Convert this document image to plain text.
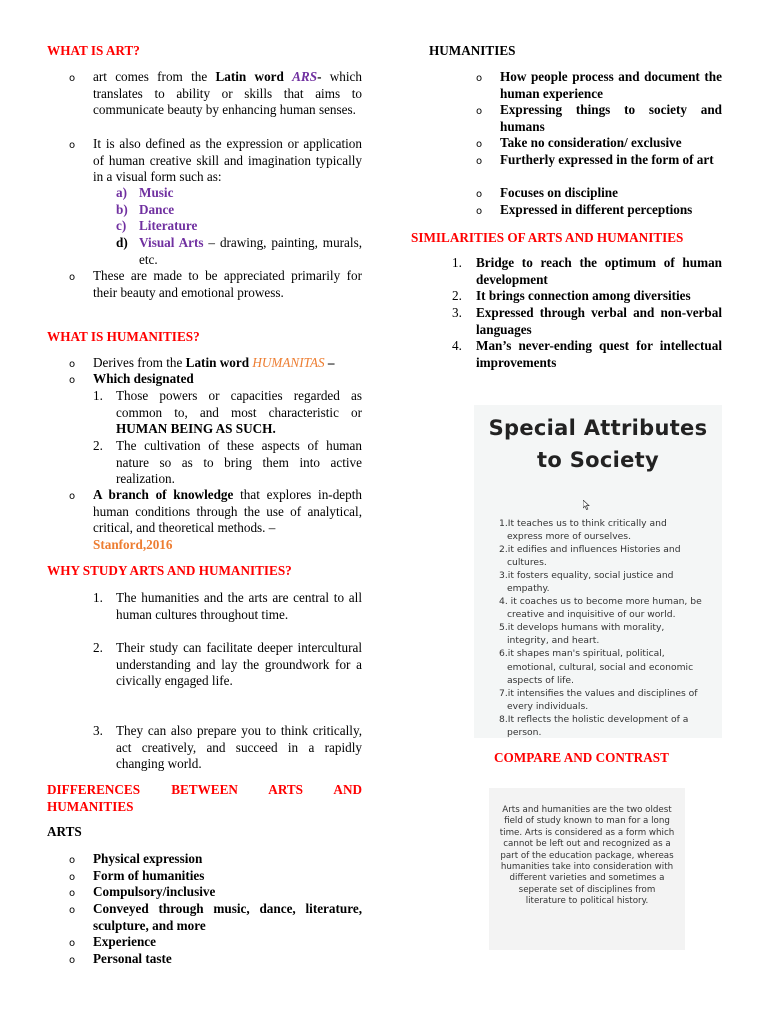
WHAT IS ART?
o art comes from the Latin word ARS- which translates to ability or skills that aims to communicate beauty by enhancing human senses.
o It is also defined as the expression or application of human creative skill and imagination typically in a visual form such as:
a) Music
b) Dance
c) Literature
d) Visual Arts – drawing, painting, murals, etc.
o These are made to be appreciated primarily for their beauty and emotional prowess.
WHAT IS HUMANITIES?
o Derives from the Latin word HUMANITAS –
o Which designated
1. Those powers or capacities regarded as common to, and most characteristic or HUMAN BEING AS SUCH.
2. The cultivation of these aspects of human nature so as to bring them into active realization.
o A branch of knowledge that explores in-depth human conditions through the use of analytical, critical, and theoretical methods. –
Stanford,2016
WHY STUDY ARTS AND HUMANITIES?
1. The humanities and the arts are central to all human cultures throughout time.
2. Their study can facilitate deeper intercultural understanding and lay the groundwork for a civically engaged life.
3. They can also prepare you to think critically, act creatively, and succeed in a rapidly changing world.
DIFFERENCES BETWEEN ARTS AND HUMANITIES
ARTS
o Physical expression
o Form of humanities
o Compulsory/inclusive
o Conveyed through music, dance, literature, sculpture, and more
o Experience
o Personal taste
HUMANITIES
o How people process and document the human experience
o Expressing things to society and humans
o Take no consideration/ exclusive
o Furtherly expressed in the form of art
o Focuses on discipline
o Expressed in different perceptions
SIMILARITIES OF ARTS AND HUMANITIES
1. Bridge to reach the optimum of human development
2. It brings connection among diversities
3. Expressed through verbal and non-verbal languages
4. Man’s never-ending quest for intellectual improvements
Special Attributes
to Society
1.It teaches us to think critically and express more of ourselves.
2.it edifies and influences Histories and cultures.
3.it fosters equality, social justice and empathy.
4. it coaches us to become more human, be creative and inquisitive of our world.
5.it develops humans with morality, integrity, and heart.
6.it shapes man's spiritual, political, emotional, cultural, social and economic aspects of life.
7.it intensifies the values and disciplines of every individuals.
8.It reflects the holistic development of a person.
COMPARE AND CONTRAST
Arts and humanities are the two oldest field of study known to man for a long time. Arts is considered as a form which cannot be left out and recognized as a part of the education package, whereas humanities take into consideration with different varieties and sometimes a seperate set of disciplines from literature to political history.
